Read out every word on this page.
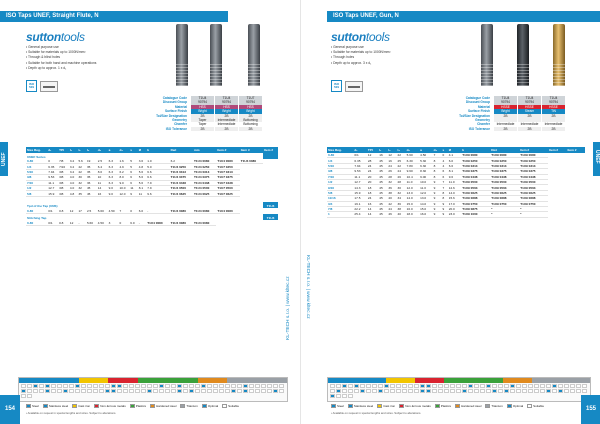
ISO Taps UNEF, Straight Flute, N
suttontools
• General purpose use
• Suitable for materials up to 1000N/mm²
• Through & blind holes
• Suitable for both hand and machine operations
• Depth up to approx. 1 x d₁
ISO 529
Catalogue Code	T1U4	T1U4	T1U7
Discount Group	90794	90794	90794
Material	HSS	HSS	HSS
Surface Finish	Bright	Bright	Bright
Tol/Size Designation	2B	2B	2B
Geometry	Taper	Intermediate	Bottoming
Chamfer	Taper	Intermediate	Bottoming
ISO Tolerance	2B	2B	2B
Size Reg.	d₁	TPI	l₁	l₂	l₃	d₂	a	d₃	s	Ø	b	Dwt	mm	Item #	Item #	Item #
UNEF Series																
0-80	0	7/8	3.2	5.6	19	2.5	6.3	1.6	5	3.6	1.0	6.2	T1U4 0080	T1U4 0080	T1U4 0080	
1/4	6.35	7/16	3.2	22	35	6.4	6.3	4.9	5	4.8	5.0	T1U4 0250	T1U4 0250	T1U7 0250		
5/16	7.94	3/8	3.2	22	35	8.0	6.3	6.2	6	5.6	6.6	T1U4 0313	T1U4 0313	T1U7 0313		
3/8	9.53	3/8	4.0	30	35	10	6.3	8.0	6	5.6	6.6	T1U4 0375	T1U4 0375	T1U7 0375		
7/16	11.1	3/8	4.0	32	36	11	6.3	9.0	6	5.6	7.9	T1U4 0438	T1U4 0438	T1U7 0438		
1/2	12.7	3/8	4.0	32	45	14	9.0	10.0	11	8.1	7.9	T1U4 0500	T1U4 0500	T1U7 0500		
5/8	15.9	3/8	4.8	35	45	16	9.0	12.0	9	11	9.6	T1U4 0625	T1U4 0625	T1U7 0625		

Tpd of the Tap (UNS)																T1U4
0-80	0/1	0.8	12	17	2.5	5.60	4.50	7	0	6.0	-	T1U4 0080	T1U4 0080	T1U4 0080		
Stitching Tap																T1U4
0-80	0/1	0.8	12	-	5.60	4.50	3	0	6.0	-	T1U4 0080	T1U4 0080	T1U4 0080			
KL-TECH s.r.o. | www.kltec.cz
UNEF
Steel	Stainless steel	Cast iron	Non-ferrous metals	Plastics	Hardened steel	Titanium	Optimal	Suitable
• Available on request in special lengths and sizes. Subject to alterations.
154
ISO Taps UNEF, Gun, N
suttontools
• General purpose use
• Suitable for materials up to 1000N/mm²
• Through holes
• Depth up to approx. 3 x d₁
ISO 529
Catalogue Code	T1U4	T1U4	T1U4
Discount Group	90794	90794	90794
Material	HSSE	HSSE	HSSE
Surface Finish	Bright	Steam	TiN
Tol/Size Designation	2B	2B	2B
Geometry
Chamfer	Intermediate	Intermediate	Intermediate
ISO Tolerance	2B	2B	2B
Size Reg.	d₁	TPI	l₁	l₂	l₃	d₂	a	d₃	s	Ø	b	Dwt	Item #	Item #	Item #
0-80	0/1	12	16	12	22	5.60	4.50	7	0	4.1	T1U9 0080	T1U9 0080	T1U9 0080		
1/4	6.35	28	45	16	25	6.30	5.30	8	4	6.0	T1U9 0250	T1U9 0250	T1U9 0250		
5/16	7.94	24	45	24	22	7.80	6.30	8	4	6.6	T1U9 0313	T1U9 0313	T1U9 0313		
3/8	9.53	24	45	26	24	9.60	8.30	8	6	8.1	T1U9 0375	T1U9 0375	T1U9 0375		
7/16	11.1	20	45	28	26	10.4	9.00	8	6	9.6	T1U9 0438	T1U9 0438	T1U9 0438		
1/2	12.7	20	45	32	28	11.0	10.0	9	7	11.0	T1U9 0500	T1U9 0500	T1U9 0500		
9/16	14.3	18	45	36	30	12.0	11.0	9	7	12.6	T1U9 0563	T1U9 0563	T1U9 0563		
5/8	15.9	18	45	38	32	13.0	12.0	9	8	14.0	T1U9 0625	T1U9 0625	T1U9 0625		
11/16	17.5	24	45	40	34	14.0	13.0	9	8	15.6	T1U9 0688	T1U9 0688	T1U9 0688		
3/4	19.1	16	45	42	36	15.0	14.0	9	9	17.0	T1U9 0750	T1U9 0750	T1U9 0750		
7/8	22.2	14	45	44	38	16.0	15.0	9	9	20.0	T1U9 0875	*	*		
1	25.4	14	45	46	40	18.0	16.0	9	9	23.0	T1U9 1000	*	*		
KL-TECH s.r.o. | www.kltec.cz
UNEF
Steel	Stainless steel	Cast iron	Non-ferrous metals	Plastics	Hardened steel	Titanium	Optimal	Suitable
• Available on request in special lengths and sizes. Subject to alterations.
155
